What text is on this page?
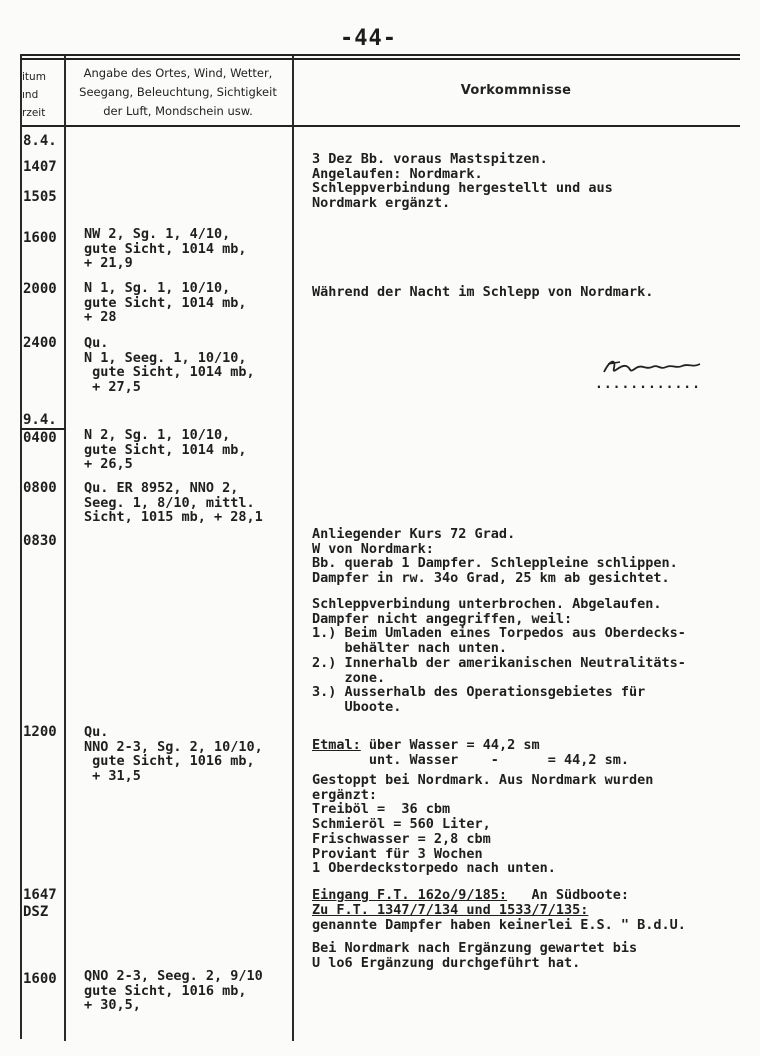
-44-
itum
ınd
rzeit
Angabe des Ortes, Wind, Wetter,
Seegang, Beleuchtung, Sichtigkeit
der Luft, Mondschein usw.
Vorkommnisse
8.4.
1407
1505
1600
2000
2400
9.4.
0400
0800
0830
1200
1647
DSZ
1600
NW 2, Sg. 1, 4/10,
gute Sicht, 1014 mb,
+ 21,9
N 1, Sg. 1, 10/10,
gute Sicht, 1014 mb,
+ 28
Qu.
N 1, Seeg. 1, 10/10,
gute Sicht, 1014 mb,
+ 27,5
N 2, Sg. 1, 10/10,
gute Sicht, 1014 mb,
+ 26,5
Qu. ER 8952, NNO 2,
Seeg. 1, 8/10, mittl.
Sicht, 1015 mb, + 28,1
Qu.
NNO 2-3, Sg. 2, 10/10,
gute Sicht, 1016 mb,
+ 31,5
QNO 2-3, Seeg. 2, 9/10
gute Sicht, 1016 mb,
+ 30,5,
3 Dez Bb. voraus Mastspitzen.
Angelaufen: Nordmark.
Schleppverbindung hergestellt und aus
Nordmark ergänzt.
Während der Nacht im Schlepp von Nordmark.
............
Anliegender Kurs 72 Grad.
W von Nordmark:
Bb. querab 1 Dampfer. Schleppleine schlippen.
Dampfer in rw. 34o Grad, 25 km ab gesichtet.
Schleppverbindung unterbrochen. Abgelaufen.
Dampfer nicht angegriffen, weil:
1.) Beim Umladen eines Torpedos aus Oberdecks-
behälter nach unten.
2.) Innerhalb der amerikanischen Neutralitäts-
zone.
3.) Ausserhalb des Operationsgebietes für
Uboote.
Etmal: über Wasser = 44,2 sm
unt. Wasser    -      = 44,2 sm.
Gestoppt bei Nordmark. Aus Nordmark wurden
ergänzt:
Treiböl =  36 cbm
Schmieröl = 560 Liter,
Frischwasser = 2,8 cbm
Proviant für 3 Wochen
1 Oberdeckstorpedo nach unten.
Eingang F.T. 162o/9/185:   An Südboote:
Zu F.T. 1347/7/134 und 1533/7/135:
genannte Dampfer haben keinerlei E.S. " B.d.U.
Bei Nordmark nach Ergänzung gewartet bis
U lo6 Ergänzung durchgeführt hat.
